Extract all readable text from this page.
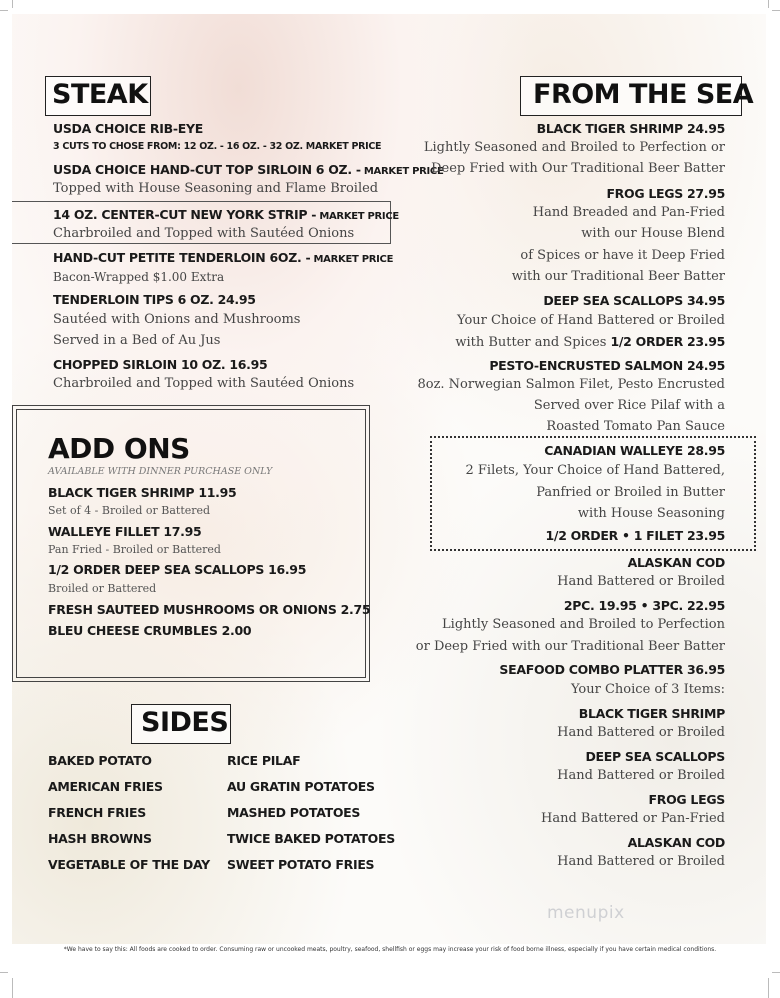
STEAK
USDA CHOICE RIB-EYE
3 CUTS TO CHOSE FROM: 12 OZ. - 16 OZ. - 32 OZ. MARKET PRICE
USDA CHOICE HAND-CUT TOP SIRLOIN 6 OZ. - MARKET PRICE
Topped with House Seasoning and Flame Broiled
14 OZ. CENTER-CUT NEW YORK STRIP - MARKET PRICE
Charbroiled and Topped with Sautéed Onions
HAND-CUT PETITE TENDERLOIN 6OZ. - MARKET PRICE
Bacon-Wrapped $1.00 Extra
TENDERLOIN TIPS 6 OZ. 24.95
Sautéed with Onions and Mushrooms
Served in a Bed of Au Jus
CHOPPED SIRLOIN 10 OZ. 16.95
Charbroiled and Topped with Sautéed Onions
ADD ONS
AVAILABLE WITH DINNER PURCHASE ONLY
BLACK TIGER SHRIMP 11.95
Set of 4 - Broiled or Battered
WALLEYE FILLET 17.95
Pan Fried - Broiled or Battered
1/2 ORDER DEEP SEA SCALLOPS 16.95
Broiled or Battered
FRESH SAUTEED MUSHROOMS OR ONIONS 2.75
BLEU CHEESE CRUMBLES 2.00
SIDES
BAKED POTATO
AMERICAN FRIES
FRENCH FRIES
HASH BROWNS
VEGETABLE OF THE DAY
RICE PILAF
AU GRATIN POTATOES
MASHED POTATOES
TWICE BAKED POTATOES
SWEET POTATO FRIES
FROM THE SEA
BLACK TIGER SHRIMP 24.95
Lightly Seasoned and Broiled to Perfection or
Deep Fried with Our Traditional Beer Batter
FROG LEGS 27.95
Hand Breaded and Pan-Fried
with our House Blend
of Spices or have it Deep Fried
with our Traditional Beer Batter
DEEP SEA SCALLOPS 34.95
Your Choice of Hand Battered or Broiled
with Butter and Spices 1/2 ORDER 23.95
PESTO-ENCRUSTED SALMON 24.95
8oz. Norwegian Salmon Filet, Pesto Encrusted
Served over Rice Pilaf with a
Roasted Tomato Pan Sauce
CANADIAN WALLEYE 28.95
2 Filets, Your Choice of Hand Battered,
Panfried or Broiled in Butter
with House Seasoning
1/2 ORDER • 1 FILET 23.95
ALASKAN COD
Hand Battered or Broiled
2PC. 19.95 • 3PC. 22.95
Lightly Seasoned and Broiled to Perfection
or Deep Fried with our Traditional Beer Batter
SEAFOOD COMBO PLATTER 36.95
Your Choice of 3 Items:
BLACK TIGER SHRIMP
Hand Battered or Broiled
DEEP SEA SCALLOPS
Hand Battered or Broiled
FROG LEGS
Hand Battered or Pan-Fried
ALASKAN COD
Hand Battered or Broiled
menupix
*We have to say this: All foods are cooked to order. Consuming raw or uncooked meats, poultry, seafood, shellfish or eggs may increase your risk of food borne illness, especially if you have certain medical conditions.
